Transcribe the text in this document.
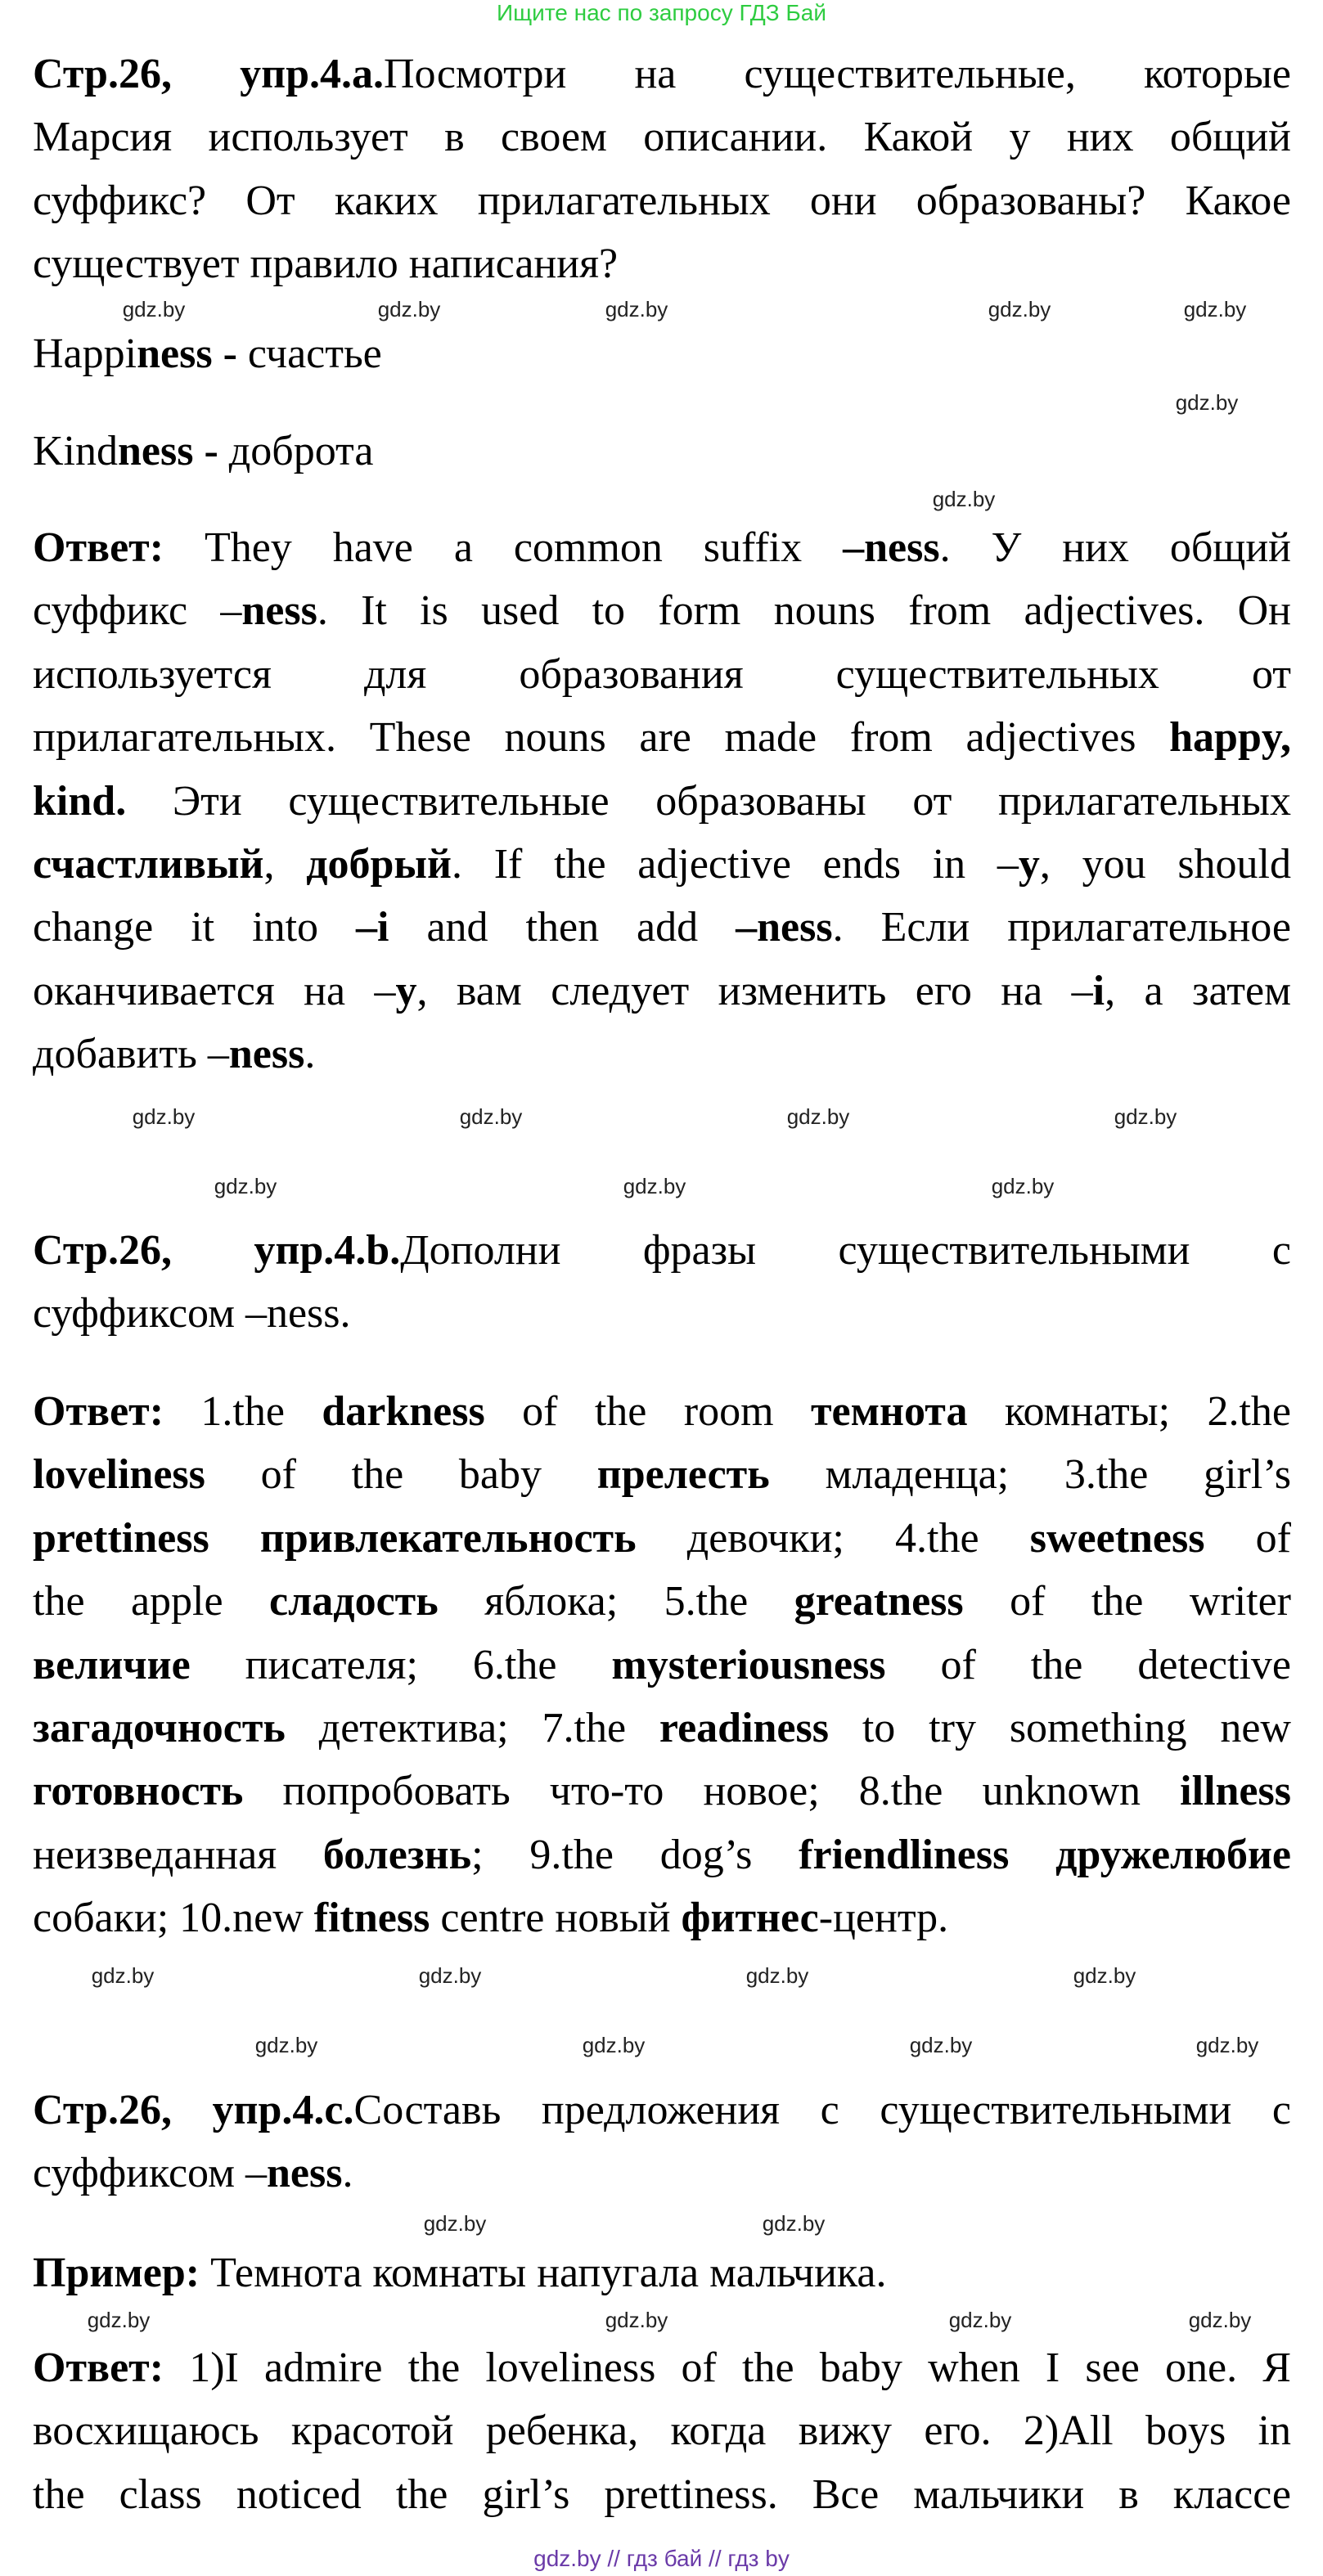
Ищите нас по запросу ГДЗ Бай
Стр.26, упр.4.а.Посмотри на существительные, которые
Марсия использует в своем описании. Какой у них общий
суффикс? От каких прилагательных они образованы? Какое
существует правило написания?
Happiness - счастье
Kindness - доброта
Ответ: They have a common suffix –ness. У них общий
суффикс –ness. It is used to form nouns from adjectives. Он
используется для образования существительных от
прилагательных. These nouns are made from adjectives happy,
kind. Эти существительные образованы от прилагательных
счастливый, добрый. If the adjective ends in –y, you should
change it into –i and then add –ness. Если прилагательное
оканчивается на –y, вам следует изменить его на –i, а затем
добавить –ness.
Стр.26, упр.4.b.Дополни фразы существительными с
суффиксом –ness.
Ответ: 1.the darkness of the room темнота комнаты; 2.the
loveliness of the baby прелесть младенца; 3.the girl’s
prettiness привлекательность девочки; 4.the sweetness of
the apple сладость яблока; 5.the greatness of the writer
величие писателя; 6.the mysteriousness of the detective
загадочность детектива; 7.the readiness to try something new
готовность попробовать что-то новое; 8.the unknown illness
неизведанная болезнь; 9.the dog’s friendliness дружелюбие
собаки; 10.new fitness centre новый фитнес-центр.
Стр.26, упр.4.c.Составь предложения с существительными с
суффиксом –ness.
Пример: Темнота комнаты напугала мальчика.
Ответ: 1)I admire the loveliness of the baby when I see one. Я
восхищаюсь красотой ребенка, когда вижу его. 2)All boys in
the class noticed the girl’s prettiness. Все мальчики в классе
gdz.by	gdz.by	gdz.by	gdz.by	gdz.by
gdz.by
gdz.by
gdz.by	gdz.by	gdz.by	gdz.by
gdz.by	gdz.by	gdz.by
gdz.by	gdz.by	gdz.by	gdz.by
gdz.by	gdz.by	gdz.by	gdz.by
gdz.by	gdz.by
gdz.by	gdz.by	gdz.by	gdz.by
gdz.by // гдз бай // гдз by
